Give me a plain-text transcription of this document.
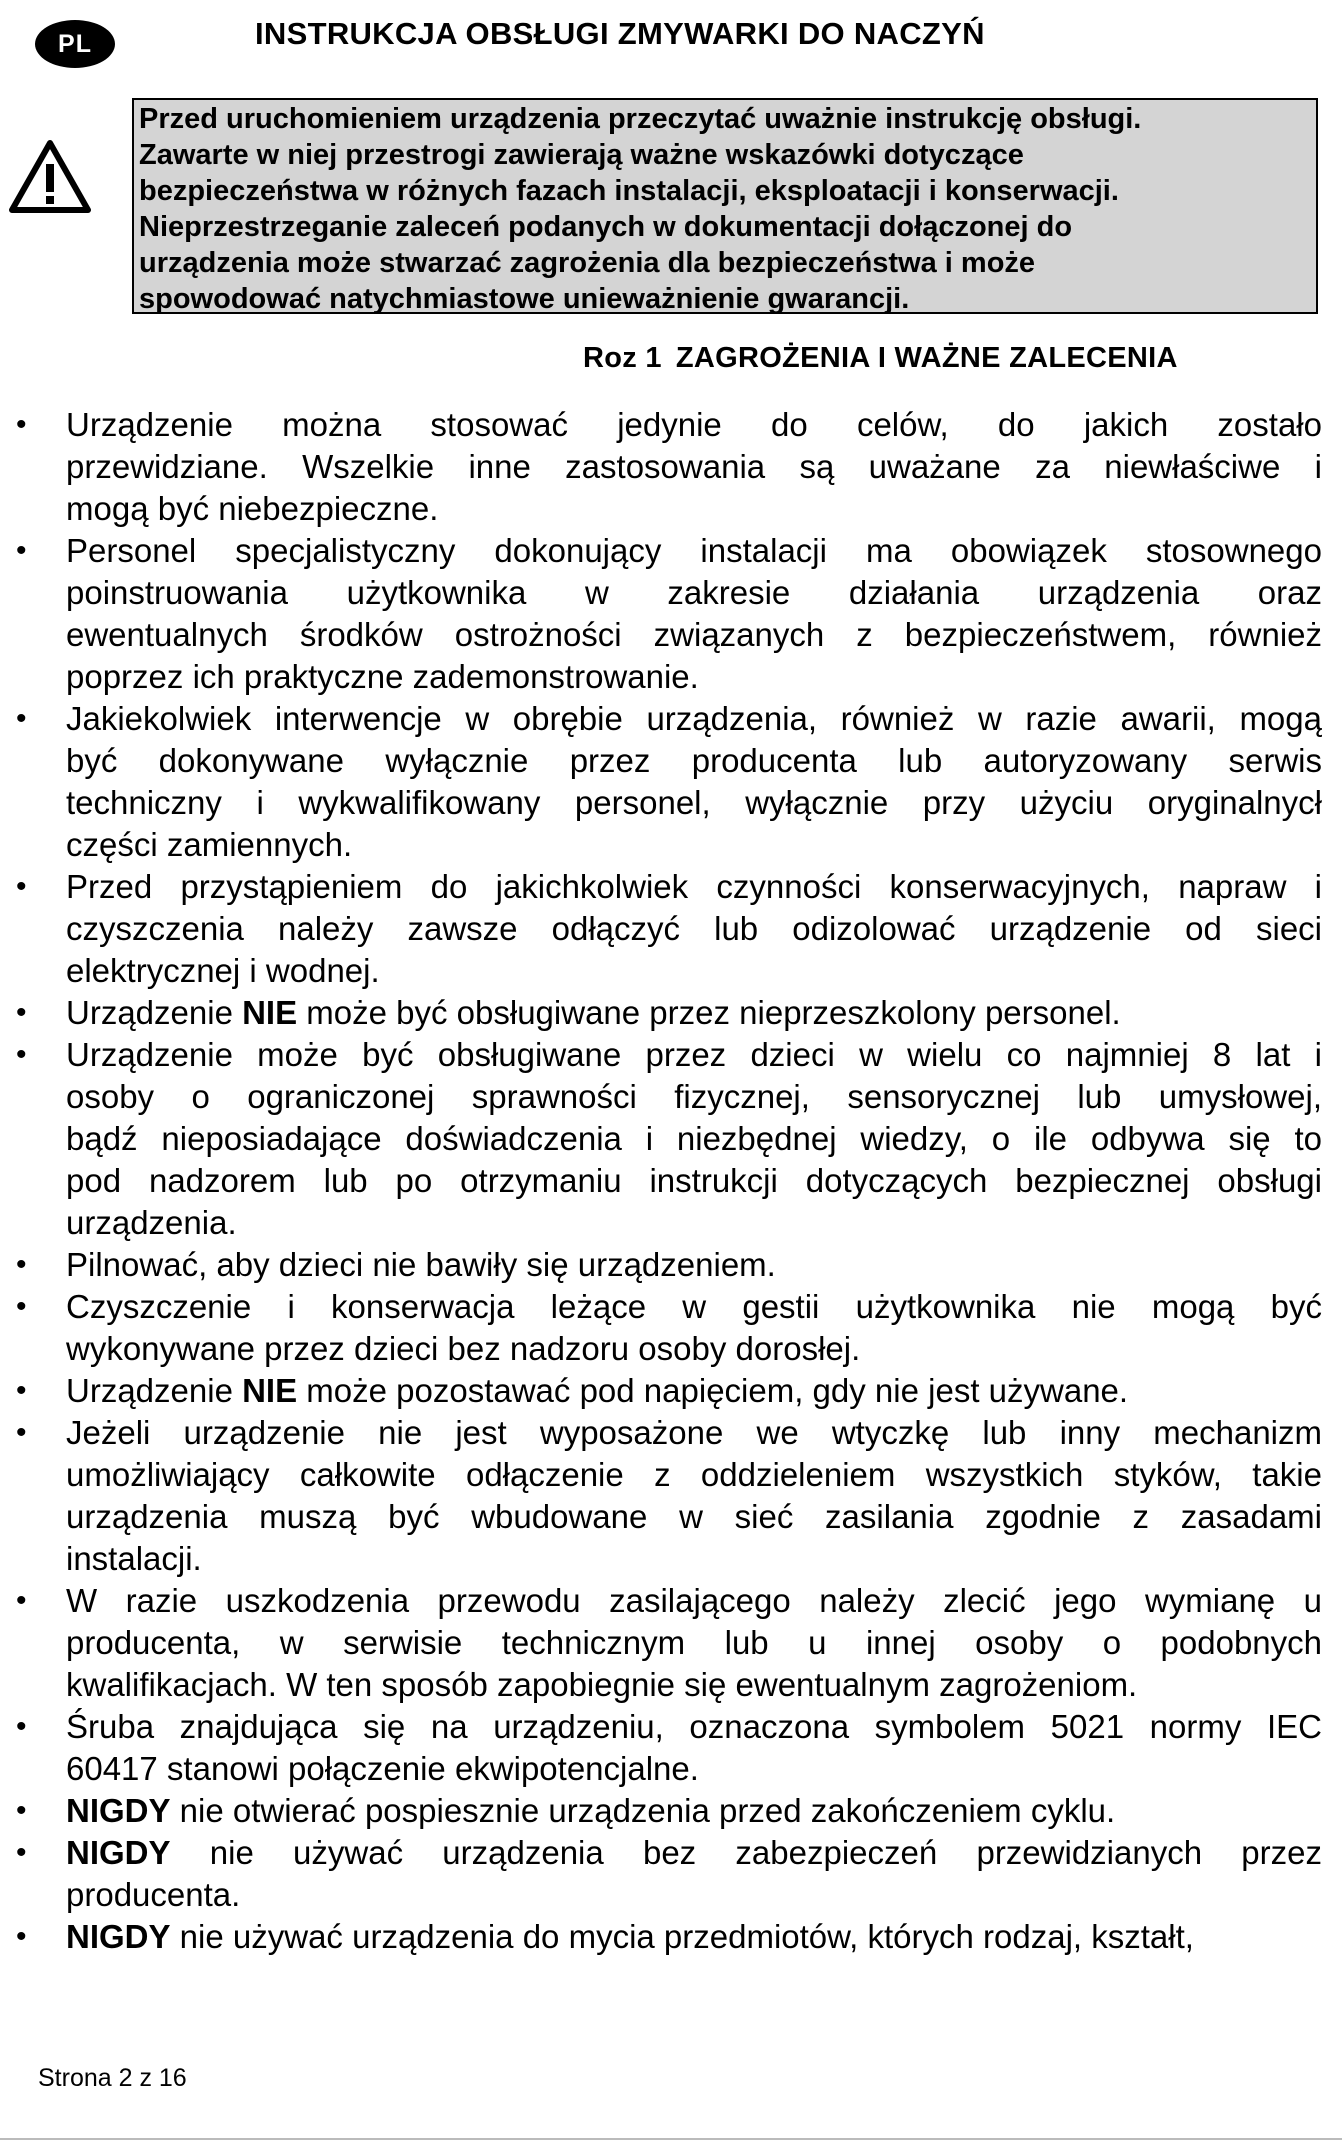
PL	INSTRUKCJA OBSŁUGI ZMYWARKI DO NACZYŃ
Przed uruchomieniem urządzenia przeczytać uważnie instrukcję obsługi.
Zawarte w niej przestrogi zawierają ważne wskazówki dotyczące
bezpieczeństwa w różnych fazach instalacji, eksploatacji i konserwacji.
Nieprzestrzeganie zaleceń podanych w dokumentacji dołączonej do
urządzenia może stwarzać zagrożenia dla bezpieczeństwa i może
spowodować natychmiastowe unieważnienie gwarancji.
Roz 1 ZAGROŻENIA I WAŻNE ZALECENIA
• Urządzenie można stosować jedynie do celów, do jakich zostało
przewidziane. Wszelkie inne zastosowania są uważane za niewłaściwe i
mogą być niebezpieczne.
• Personel specjalistyczny dokonujący instalacji ma obowiązek stosownego
poinstruowania użytkownika w zakresie działania urządzenia oraz
ewentualnych środków ostrożności związanych z bezpieczeństwem, również
poprzez ich praktyczne zademonstrowanie.
• Jakiekolwiek interwencje w obrębie urządzenia, również w razie awarii, mogą
być dokonywane wyłącznie przez producenta lub autoryzowany serwis
techniczny i wykwalifikowany personel, wyłącznie przy użyciu oryginalnycł
części zamiennych.
• Przed przystąpieniem do jakichkolwiek czynności konserwacyjnych, napraw i
czyszczenia należy zawsze odłączyć lub odizolować urządzenie od sieci
elektrycznej i wodnej.
• Urządzenie NIE może być obsługiwane przez nieprzeszkolony personel.
• Urządzenie może być obsługiwane przez dzieci w wielu co najmniej 8 lat i
osoby o ograniczonej sprawności fizycznej, sensorycznej lub umysłowej,
bądź nieposiadające doświadczenia i niezbędnej wiedzy, o ile odbywa się to
pod nadzorem lub po otrzymaniu instrukcji dotyczących bezpiecznej obsługi
urządzenia.
• Pilnować, aby dzieci nie bawiły się urządzeniem.
• Czyszczenie i konserwacja leżące w gestii użytkownika nie mogą być
wykonywane przez dzieci bez nadzoru osoby dorosłej.
• Urządzenie NIE może pozostawać pod napięciem, gdy nie jest używane.
• Jeżeli urządzenie nie jest wyposażone we wtyczkę lub inny mechanizm
umożliwiający całkowite odłączenie z oddzieleniem wszystkich styków, takie
urządzenia muszą być wbudowane w sieć zasilania zgodnie z zasadami
instalacji.
• W razie uszkodzenia przewodu zasilającego należy zlecić jego wymianę u
producenta, w serwisie technicznym lub u innej osoby o podobnych
kwalifikacjach. W ten sposób zapobiegnie się ewentualnym zagrożeniom.
• Śruba znajdująca się na urządzeniu, oznaczona symbolem 5021 normy IEC
60417 stanowi połączenie ekwipotencjalne.
• NIGDY nie otwierać pospiesznie urządzenia przed zakończeniem cyklu.
• NIGDY nie używać urządzenia bez zabezpieczeń przewidzianych przez
producenta.
• NIGDY nie używać urządzenia do mycia przedmiotów, których rodzaj, kształt,
Strona 2 z 16
